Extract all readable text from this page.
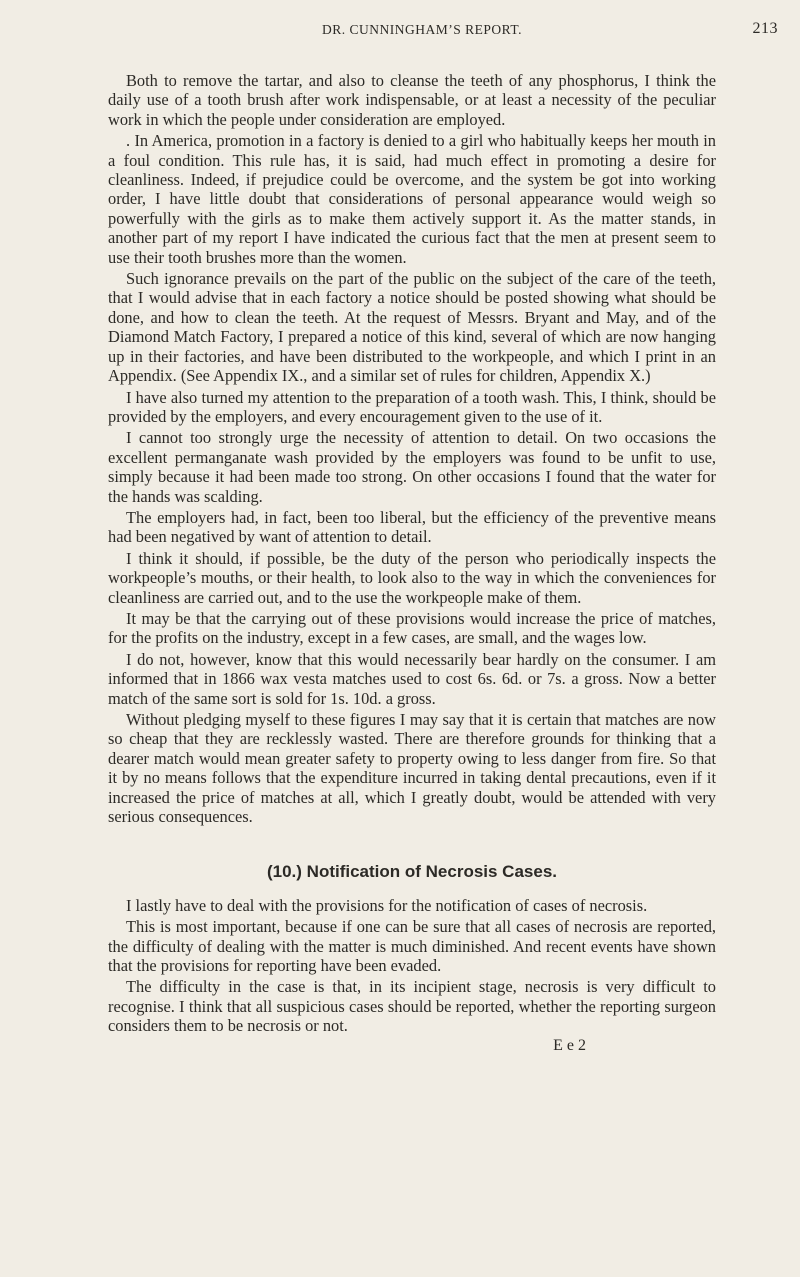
DR. CUNNINGHAM’S REPORT.	213

Both to remove the tartar, and also to cleanse the teeth of any phosphorus, I think the daily use of a tooth brush after work indispensable, or at least a necessity of the peculiar work in which the people under consideration are employed.

. In America, promotion in a factory is denied to a girl who habitually keeps her mouth in a foul condition. This rule has, it is said, had much effect in promoting a desire for cleanliness. Indeed, if prejudice could be overcome, and the system be got into working order, I have little doubt that considerations of personal appearance would weigh so powerfully with the girls as to make them actively support it. As the matter stands, in another part of my report I have indicated the curious fact that the men at present seem to use their tooth brushes more than the women.

Such ignorance prevails on the part of the public on the subject of the care of the teeth, that I would advise that in each factory a notice should be posted showing what should be done, and how to clean the teeth. At the request of Messrs. Bryant and May, and of the Diamond Match Factory, I prepared a notice of this kind, several of which are now hanging up in their factories, and have been distributed to the workpeople, and which I print in an Appendix. (See Appendix IX., and a similar set of rules for children, Appendix X.)

I have also turned my attention to the preparation of a tooth wash. This, I think, should be provided by the employers, and every encouragement given to the use of it.

I cannot too strongly urge the necessity of attention to detail. On two occasions the excellent permanganate wash provided by the employers was found to be unfit to use, simply because it had been made too strong. On other occasions I found that the water for the hands was scalding.

The employers had, in fact, been too liberal, but the efficiency of the preventive means had been negatived by want of attention to detail.

I think it should, if possible, be the duty of the person who periodically inspects the workpeople’s mouths, or their health, to look also to the way in which the conveniences for cleanliness are carried out, and to the use the workpeople make of them.

It may be that the carrying out of these provisions would increase the price of matches, for the profits on the industry, except in a few cases, are small, and the wages low.

I do not, however, know that this would necessarily bear hardly on the consumer. I am informed that in 1866 wax vesta matches used to cost 6s. 6d. or 7s. a gross. Now a better match of the same sort is sold for 1s. 10d. a gross.

Without pledging myself to these figures I may say that it is certain that matches are now so cheap that they are recklessly wasted. There are therefore grounds for thinking that a dearer match would mean greater safety to property owing to less danger from fire. So that it by no means follows that the expenditure incurred in taking dental precautions, even if it increased the price of matches at all, which I greatly doubt, would be attended with very serious consequences.

(10.) Notification of Necrosis Cases.

I lastly have to deal with the provisions for the notification of cases of necrosis.

This is most important, because if one can be sure that all cases of necrosis are reported, the difficulty of dealing with the matter is much diminished. And recent events have shown that the provisions for reporting have been evaded.

The difficulty in the case is that, in its incipient stage, necrosis is very difficult to recognise. I think that all suspicious cases should be reported, whether the reporting surgeon considers them to be necrosis or not.

E e 2
